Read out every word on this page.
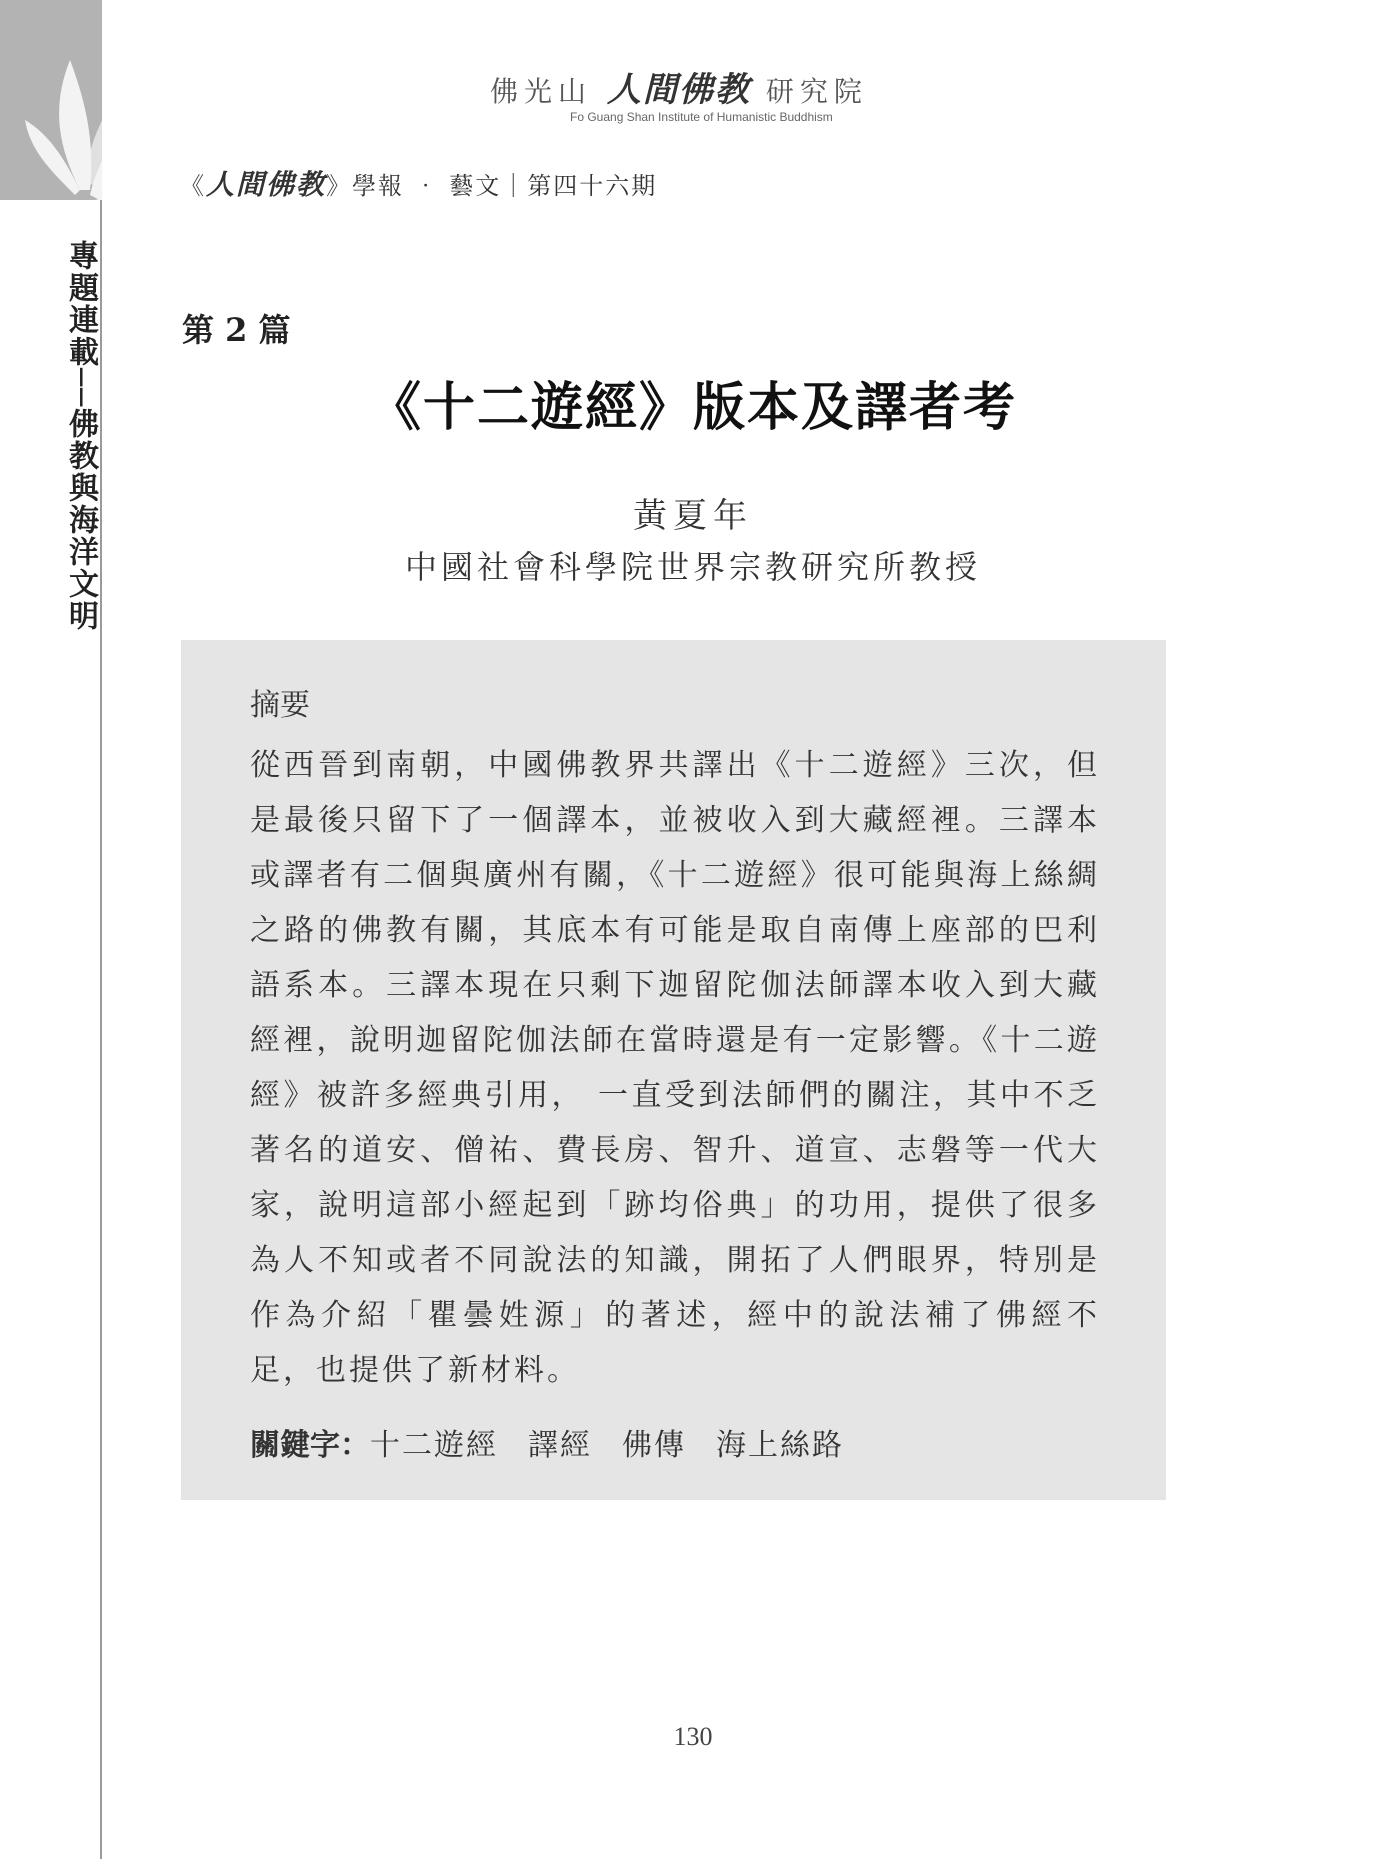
專題連載──佛教與海洋文明
佛光山 人間佛教 研究院
Fo Guang Shan Institute of Humanistic Buddhism
《人間佛教》學報 ‧ 藝文｜第四十六期
第 2 篇
《十二遊經》版本及譯者考
黃夏年
中國社會科學院世界宗教研究所教授
摘要

從西晉到南朝，中國佛教界共譯出《十二遊經》三次，但是最後只留下了一個譯本，並被收入到大藏經裡。三譯本或譯者有二個與廣州有關，《十二遊經》很可能與海上絲綢之路的佛教有關，其底本有可能是取自南傳上座部的巴利語系本。三譯本現在只剩下迦留陀伽法師譯本收入到大藏經裡，說明迦留陀伽法師在當時還是有一定影響。《十二遊經》被許多經典引用， 一直受到法師們的關注，其中不乏著名的道安、僧祐、費長房、智升、道宣、志磐等一代大家，說明這部小經起到「跡均俗典」的功用，提供了很多為人不知或者不同說法的知識，開拓了人們眼界，特別是作為介紹「瞿曇姓源」的著述，經中的說法補了佛經不足，也提供了新材料。

關鍵字：十二遊經 譯經 佛傳 海上絲路
130
